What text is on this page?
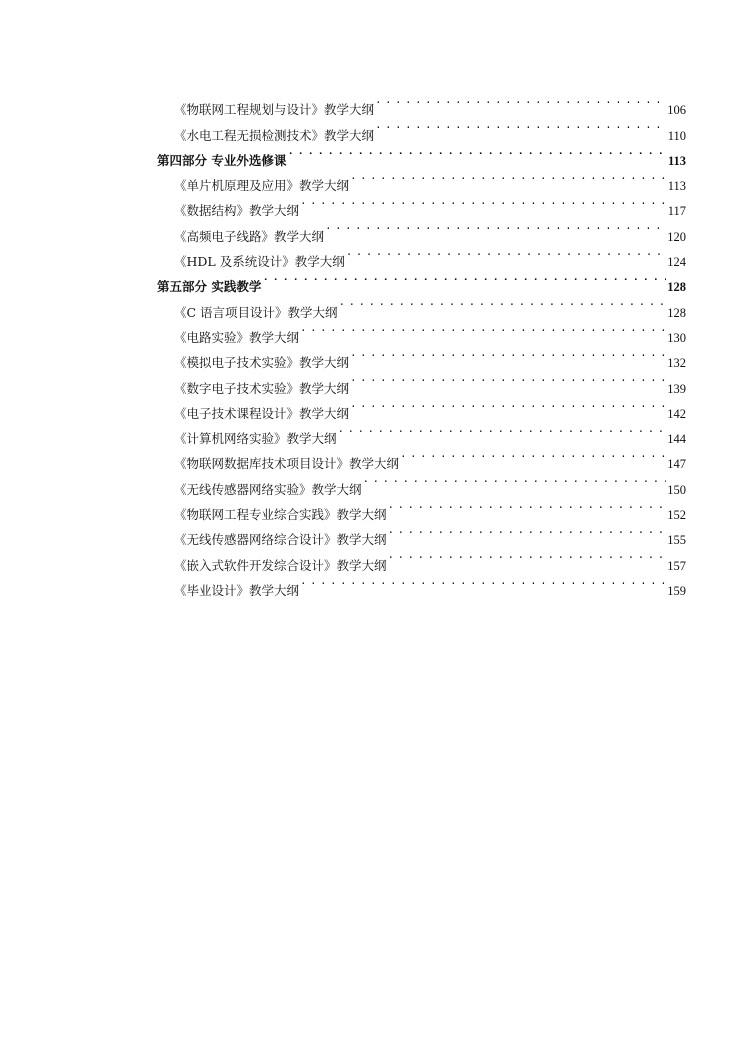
《物联网工程规划与设计》教学大纲 . . .	106
《水电工程无损检测技术》教学大纲 . . .	110
第四部分 专业外选修课 . . .	113
《单片机原理及应用》教学大纲 . . .	113
《数据结构》教学大纲 . . .	117
《高频电子线路》教学大纲 . . .	120
《HDL 及系统设计》教学大纲 . . .	124
第五部分 实践教学 . . .	128
《C 语言项目设计》教学大纲 . . .	128
《电路实验》教学大纲 . . .	130
《模拟电子技术实验》教学大纲 . . .	132
《数字电子技术实验》教学大纲 . . .	139
《电子技术课程设计》教学大纲 . . .	142
《计算机网络实验》教学大纲 . . .	144
《物联网数据库技术项目设计》教学大纲 . . .	147
《无线传感器网络实验》教学大纲 . . .	150
《物联网工程专业综合实践》教学大纲 . . .	152
《无线传感器网络综合设计》教学大纲 . . .	155
《嵌入式软件开发综合设计》教学大纲 . . .	157
《毕业设计》教学大纲 . . .	159
